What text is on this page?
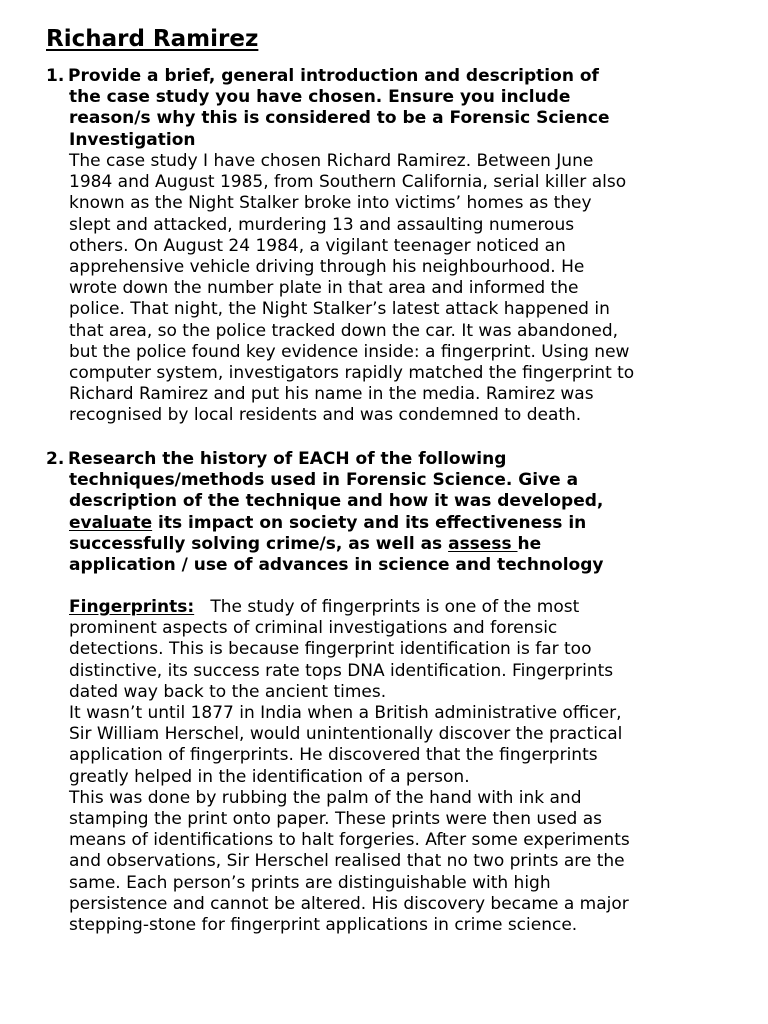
Richard Ramirez
1. Provide a brief, general introduction and description of
the case study you have chosen. Ensure you include
reason/s why this is considered to be a Forensic Science
Investigation
The case study I have chosen Richard Ramirez. Between June
1984 and August 1985, from Southern California, serial killer also
known as the Night Stalker broke into victims’ homes as they
slept and attacked, murdering 13 and assaulting numerous
others. On August 24 1984, a vigilant teenager noticed an
apprehensive vehicle driving through his neighbourhood. He
wrote down the number plate in that area and informed the
police. That night, the Night Stalker’s latest attack happened in
that area, so the police tracked down the car. It was abandoned,
but the police found key evidence inside: a fingerprint. Using new
computer system, investigators rapidly matched the fingerprint to
Richard Ramirez and put his name in the media. Ramirez was
recognised by local residents and was condemned to death.
2. Research the history of EACH of the following
techniques/methods used in Forensic Science. Give a
description of the technique and how it was developed,
evaluate its impact on society and its effectiveness in
successfully solving crime/s, as well as assess he
application / use of advances in science and technology
Fingerprints:   The study of fingerprints is one of the most
prominent aspects of criminal investigations and forensic
detections. This is because fingerprint identification is far too
distinctive, its success rate tops DNA identification. Fingerprints
dated way back to the ancient times.
It wasn’t until 1877 in India when a British administrative officer,
Sir William Herschel, would unintentionally discover the practical
application of fingerprints. He discovered that the fingerprints
greatly helped in the identification of a person.
This was done by rubbing the palm of the hand with ink and
stamping the print onto paper. These prints were then used as
means of identifications to halt forgeries. After some experiments
and observations, Sir Herschel realised that no two prints are the
same. Each person’s prints are distinguishable with high
persistence and cannot be altered. His discovery became a major
stepping-stone for fingerprint applications in crime science.
